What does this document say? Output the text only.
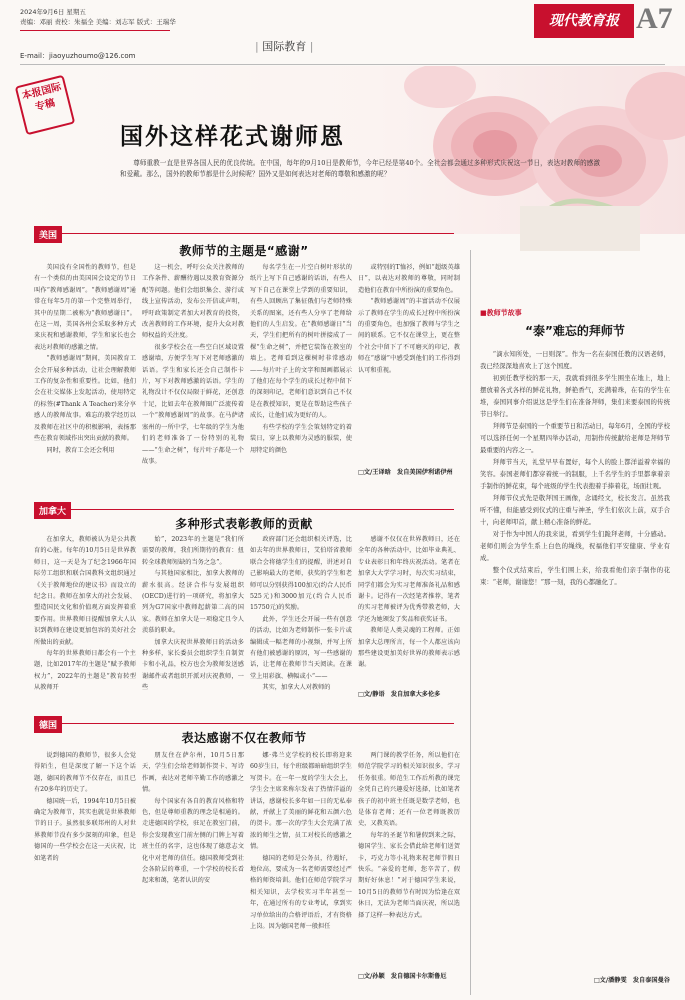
2024年9月6日 星期五
责编：邓丽 责校：朱福全 美编：刘志军 版式：王瑞华
E-mail：jiaoyuzhoumo@126.com
| 国际教育 |
现代教育报 A7
本报国际专稿
国外这样花式谢师恩
尊师重教一直是世界各国人民的优良传统。在中国，每年的9月10日是教师节，今年已经是第40个。全社会都会通过多种形式庆祝这一节日，表达对教师的感激和爱戴。那么，国外的教师节都是什么时候呢？国外又是如何表达对老师的尊敬和感激的呢？
美国
教师节的主题是“感谢”

美国没有全国性的教师节，但是有一个类似的由美国国会设定的节日叫作“教师感谢周”。“教师感谢周”通常在每年5月的第一个完整周举行，其中的星期二被称为“教师感谢日”。在这一周，美国各州会采取多种方式来庆祝和感谢教师，学生和家长也会表达对教师的感激之情。

“教师感谢周”期间，美国教育工会会开展多种活动，让社会理解教师工作的复杂性和重要性。比如，他们会在社交媒体上发起活动，使用特定的标签(#Thank A Teacher)来分享感人的教师故事。难忘的教学经历以及教师在社区中的积极影响，表扬那些在教育领域作出突出贡献的教师。

同时，教育工会还会利用

这一机会，呼吁公众关注教师的工作条件、薪酬待遇以及教育资源分配等问题。他们会组织集会、游行或线上宣传活动，发布公开信或声明，呼吁政策制定者加大对教育的投资，改善教师的工作环境，提升大众对教师权益的关注度。

很多学校会在一些空白区域设置感谢墙，方便学生写下对老师感激的话语。学生和家长还会自己制作卡片，写下对教师感激的话语。学生的礼物没计不仅仅局限于鲜花，还创意十足，比如去年在教师圈广泛流传着一个“教师感谢周”的故事。在马萨诸塞州的一所中学，七年级的学生为他们的老师准备了一份特别的礼物——“生命之树”，每片叶子都是一个故事。

每名学生在一片空白树叶形状的纸片上写下自己感谢的话语，有些人写下自己在课堂上学到的重要知识，有些人回顾出了集征俄们与老师特殊关系的图案，还有些人分享了老师给他们的人生启发。在“教师感谢日”当天，学生们把所有的树叶拼接成了一棵“生命之树”，并把它装饰在教室的墙上。老师看到这棵树时非常感动——每片叶子上的文字和图画都展示了他们在每个学生的成长过程中留下的深刻印记，老师们意识到自己不仅是在教授知识，更是在帮助这些孩子成长，让他们成为更好的人。

有些学校的学生会策划特定的着装日，穿上以教师为灵感的服装，使用特定的颜色

或特别的T恤衫，例如“超级英雄日”，以表达对教师的尊敬，同时制造他们在教育中所扮演的重要角色。

“教师感谢周”的丰富活动不仅展示了教师在学生的成长过程中所扮演的重要角色，也加强了教师与学生之间的联系。它不仅在课堂上，更在整个社会中留下了不可磨灭的印记，教师在“感谢”中感受到他们的工作得到认可和重视。

□文/王译晗　发自美国伊利诺伊州
加拿大
多种形式表彰教师的贡献

在加拿大，教师被认为是公共教育的心脏。每年的10月5日是世界教师日，这一天是为了纪念1966年国际劳工组织和联合国教科文组织通过《关于教师地位的建议书》而设立的纪念日。教师在加拿大的社会发展、塑造国民文化和价值观方面发挥着重要作用。世界教师日提醒加拿大人认识到教师在建设更加包容的美好社会所做出的贡献。

每年的世界教师日都会有一个主题，比如2017年的主题是“赋予教师权力”，2022年的主题是“教育转型从教师开

始”，2023年的主题是“我们所需要的教师，我们所期待的教育：扭转全球教师短缺的当务之急”。

与其他国家相比，加拿大教师的薪水很高。经济合作与发展组织(OECD)进行的一项研究，将加拿大列为G7国家中教师起薪第二高的国家。教师在加拿大是一项稳定且令人羡慕的职业。

加拿大庆祝世界教师日的活动多种多样，家长委员会组织学生自制贺卡和小礼品，校方也会为教师发送感谢邮件或者组织开派对庆祝教师，一些

政府部门还会组织相关评选，比如去年的世界教师日，艾伯塔省教师联合会将德学生们的提醒，讲述对自己影响最大的老师，获奖的学生和老师可以分别获得100加元(约合人民币525元)和3000加元(约合人民币15750元)的奖励。

此外，学生还会开展一些有创意的活动，比如为老师制作一张卡片或编辑成一幅老师的小视频，并写上所有他们被感谢的原因，写一些感谢的话，让老师在教师节当天阅读。在课堂上用彩旗、横幅或小“——

其实，加拿大人对教师的

感谢不仅仅在世界教师日，还在全年的各种活动中，比如毕业典礼、专业表彰日和年终庆祝活动。笔者在加拿大大学学习时，每次实习结束，同学们都会为实习老师准备礼品和感谢卡。记得有一次经笔者推荐，笔者的实习老师被评为优秀带教老师，大学还为她颁发了奖品和获奖证书。

教师是人类灵魂的工程师。正如加拿大总理所言，每一个人都应该向那些建设更加美好世界的教师表示感谢。

□文/静语　发自加拿大多伦多
德国
表达感谢不仅在教师节

说到德国的教师节，很多人会觉得陌生，但是深度了解一下这个话题，德国的教师节不仅存在，而且已有20多年的历史了。

德国统一后，1994年10月5日被确定为教师节，其实也就是世界教师节的日子。虽然很多联邦州的人对世界教师节没有多少深刻的印象，但是德国的一些学校会在这一天庆祝，比如笔者的

朋友住在萨尔州，10月5日那天，学生们会给老师制作贺卡、写诗作画，表达对老师辛勤工作的感激之情。

每个国家有各自的教育风格和特色，但是尊师重教的理念是相通的。走进德国的学校，驻足在教室门前，你会发现教室门前左侧的门牌上写着班主任的名字，这也体现了德意志文化中对老师的信任。德国教师受到社会各阶层的尊重，一个学校的校长看起来和蔼，笔者认识的安

娜·弗兰克学校的校长即将迎来60岁生日，每个班级都暗暗组织学生写贺卡。在一年一度的学生大会上，学生会主席来称尔发表了热情洋溢的讲话，感谢校长多年如一日的无私奉献，并献上了美丽的鲜花和五颜六色的贺卡。那一次的学生大会充满了浓浓的师生之情，员工对校长的感激之情。

德国的老师是公务员，待遇好，地位高，要成为一名老师需要经过严格的师资培训。他们在师范学院学习相关知识，去学校实习半年甚至一年，在通过所有的专业考试，拿到实习单位给出的合格评语后，才有资格上岗。因为德国老师一般担任

两门课的教学任务，所以他们在师范学院学习的相关知识很多，学习任务很重。师范生工作后所教的课完全凭自己的兴趣爱好选择，比如笔者孩子的初中班主任既是数学老师，也是体育老师；还有一位老师既教历史，又教英语。

每年的圣诞节和暑假到来之际，德国学生、家长会借此给老师们送贺卡，巧克力等小礼物来祝老师节假日快乐。“亲爱的老师，您辛苦了，假期好好休息！”对于德国学生来说，10月5日的教师节有时因为恰逢在双休日，无法为老师当面庆祝，所以选择了这样一种表达方式。

□文/孙颖　发自德国卡尔斯鲁厄
■教师节故事
“泰”难忘的拜师节

“滴水知所处，一日则深”。作为一名在泰国任教的汉语老师，我已经深深地喜欢上了这个国度。

初到任教学校的那一天，我就看到很多学生围坐在地上，地上摆放着各式各样的鲜花礼物，鲜艳香气，充满着珠，在有的学生在堆，泰国同事介绍说这是学生们在准备拜师，集们来要泰国的传统节日举行。

拜师节是泰国的一个重要节日和活动日，每年6月，全国的学校可以选择任何一个星期四举办活动，用制作传统献给老师是拜师节最重要的内容之一。

拜师节当天，礼堂早早布置好，每个人的脸上都洋溢着幸福的笑容。泰国老师们都穿着统一的制服，上千名学生的手里都拿着亲手制作的鲜花束，每个班级的学生代表抱着手捧着花，场面壮观。

拜师节仪式先是敬拜国王画像，念诵经文，校长发言。虽然我听不懂，但能感受到仪式的庄重与神圣，学生们依次上前，双手合十，向老师叩首，献上精心准备的鲜花。

对于作为中国人的我来说，看到学生们跪拜老师，十分感动。老师们则会为学生系上白色的绳线，祝福他们平安健康、学业有成。

整个仪式结束后，学生们围上来，给我看他们亲手制作的花束：“老师，谢谢您！”那一刻，我的心都融化了。

□文/潘静雯　发自泰国曼谷
